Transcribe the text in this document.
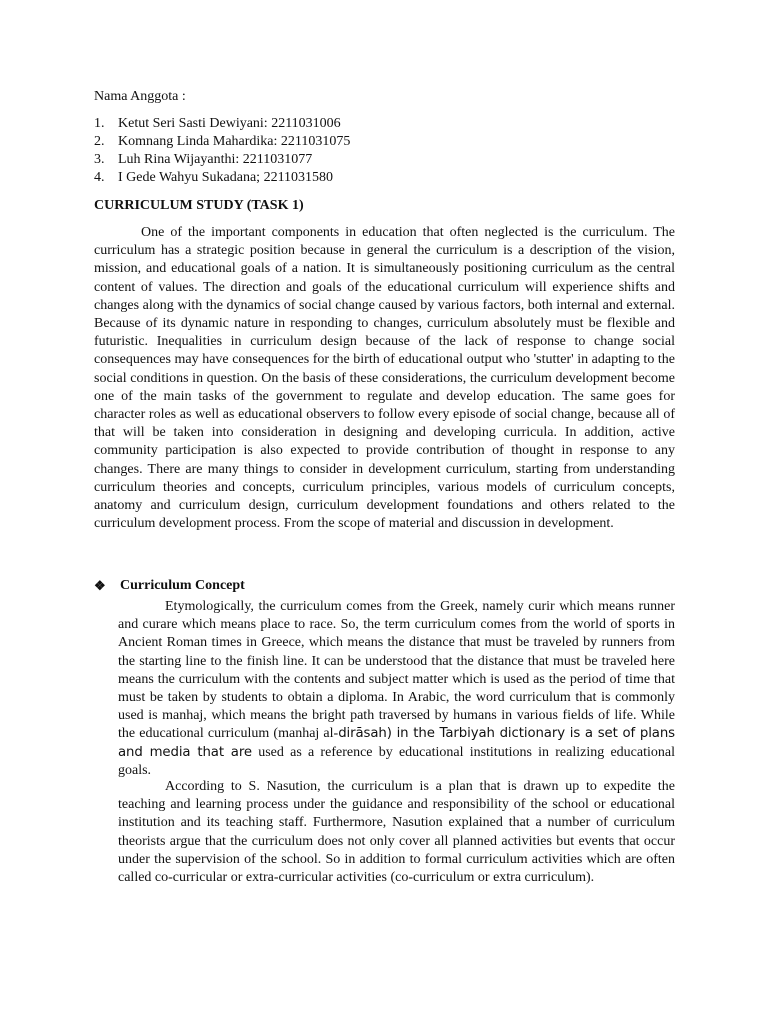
Nama Anggota :

1. Ketut Seri Sasti Dewiyani: 2211031006
2. Komnang Linda Mahardika: 2211031075
3. Luh Rina Wijayanthi: 2211031077
4. I Gede Wahyu Sukadana; 2211031580

CURRICULUM STUDY (TASK 1)

One of the important components in education that often neglected is the curriculum. The curriculum has a strategic position because in general the curriculum is a description of the vision, mission, and educational goals of a nation. It is simultaneously positioning curriculum as the central content of values. The direction and goals of the educational curriculum will experience shifts and changes along with the dynamics of social change caused by various factors, both internal and external. Because of its dynamic nature in responding to changes, curriculum absolutely must be flexible and futuristic. Inequalities in curriculum design because of the lack of response to change social consequences may have consequences for the birth of educational output who 'stutter' in adapting to the social conditions in question. On the basis of these considerations, the curriculum development become one of the main tasks of the government to regulate and develop education. The same goes for character roles as well as educational observers to follow every episode of social change, because all of that will be taken into consideration in designing and developing curricula. In addition, active community participation is also expected to provide contribution of thought in response to any changes. There are many things to consider in development curriculum, starting from understanding curriculum theories and concepts, curriculum principles, various models of curriculum concepts, anatomy and curriculum design, curriculum development foundations and others related to the curriculum development process. From the scope of material and discussion in development.

❖	Curriculum Concept

Etymologically, the curriculum comes from the Greek, namely curir which means runner and curare which means place to race. So, the term curriculum comes from the world of sports in Ancient Roman times in Greece, which means the distance that must be traveled by runners from the starting line to the finish line. It can be understood that the distance that must be traveled here means the curriculum with the contents and subject matter which is used as the period of time that must be taken by students to obtain a diploma. In Arabic, the word curriculum that is commonly used is manhaj, which means the bright path traversed by humans in various fields of life. While the educational curriculum (manhaj al-dirāsah) in the Tarbiyah dictionary is a set of plans and media that are used as a reference by educational institutions in realizing educational goals.

According to S. Nasution, the curriculum is a plan that is drawn up to expedite the teaching and learning process under the guidance and responsibility of the school or educational institution and its teaching staff. Furthermore, Nasution explained that a number of curriculum theorists argue that the curriculum does not only cover all planned activities but events that occur under the supervision of the school. So in addition to formal curriculum activities which are often called co-curricular or extra-curricular activities (co-curriculum or extra curriculum).
